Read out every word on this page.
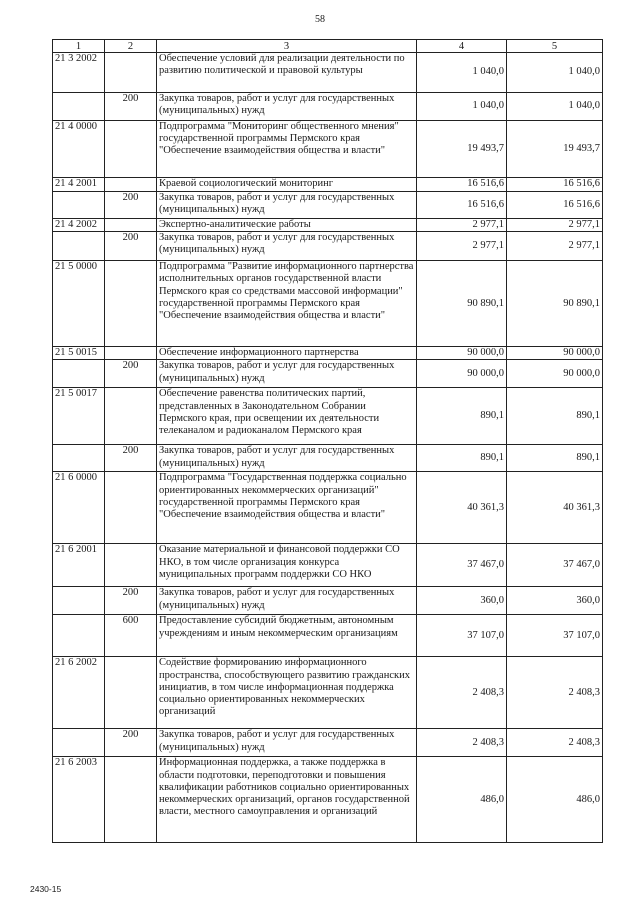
58
1	2	3	4	5
21 3 2002		Обеспечение условий для реализации деятельности по развитию политической и правовой культуры	1 040,0	1 040,0
	200	Закупка товаров, работ и услуг для государственных (муниципальных) нужд	1 040,0	1 040,0
21 4 0000		Подпрограмма "Мониторинг общественного мнения" государственной программы Пермского края "Обеспечение взаимодействия общества и власти"	19 493,7	19 493,7
21 4 2001		Краевой социологический мониторинг	16 516,6	16 516,6
	200	Закупка товаров, работ и услуг для государственных (муниципальных) нужд	16 516,6	16 516,6
21 4 2002		Экспертно-аналитические работы	2 977,1	2 977,1
	200	Закупка товаров, работ и услуг для государственных (муниципальных) нужд	2 977,1	2 977,1
21 5 0000		Подпрограмма "Развитие информационного партнерства исполнительных органов государственной власти Пермского края со средствами массовой информации" государственной программы Пермского края "Обеспечение взаимодействия общества и власти"	90 890,1	90 890,1
21 5 0015		Обеспечение информационного партнерства	90 000,0	90 000,0
	200	Закупка товаров, работ и услуг для государственных (муниципальных) нужд	90 000,0	90 000,0
21 5 0017		Обеспечение равенства политических партий, представленных в Законодательном Собрании Пермского края, при освещении их деятельности телеканалом и радиоканалом Пермского края	890,1	890,1
	200	Закупка товаров, работ и услуг для государственных (муниципальных) нужд	890,1	890,1
21 6 0000		Подпрограмма "Государственная поддержка социально ориентированных некоммерческих организаций" государственной программы Пермского края "Обеспечение взаимодействия общества и власти"	40 361,3	40 361,3
21 6 2001		Оказание материальной и финансовой поддержки СО НКО, в том числе организация конкурса муниципальных программ поддержки СО НКО	37 467,0	37 467,0
	200	Закупка товаров, работ и услуг для государственных (муниципальных) нужд	360,0	360,0
	600	Предоставление субсидий бюджетным, автономным учреждениям и иным некоммерческим организациям	37 107,0	37 107,0
21 6 2002		Содействие формированию информационного пространства, способствующего развитию гражданских инициатив, в том числе информационная поддержка социально ориентированных некоммерческих организаций	2 408,3	2 408,3
	200	Закупка товаров, работ и услуг для государственных (муниципальных) нужд	2 408,3	2 408,3
21 6 2003		Информационная поддержка, а также поддержка в области подготовки, переподготовки и повышения квалификации работников социально ориентированных некоммерческих организаций, органов государственной власти, местного самоуправления и организаций	486,0	486,0
2430-15
